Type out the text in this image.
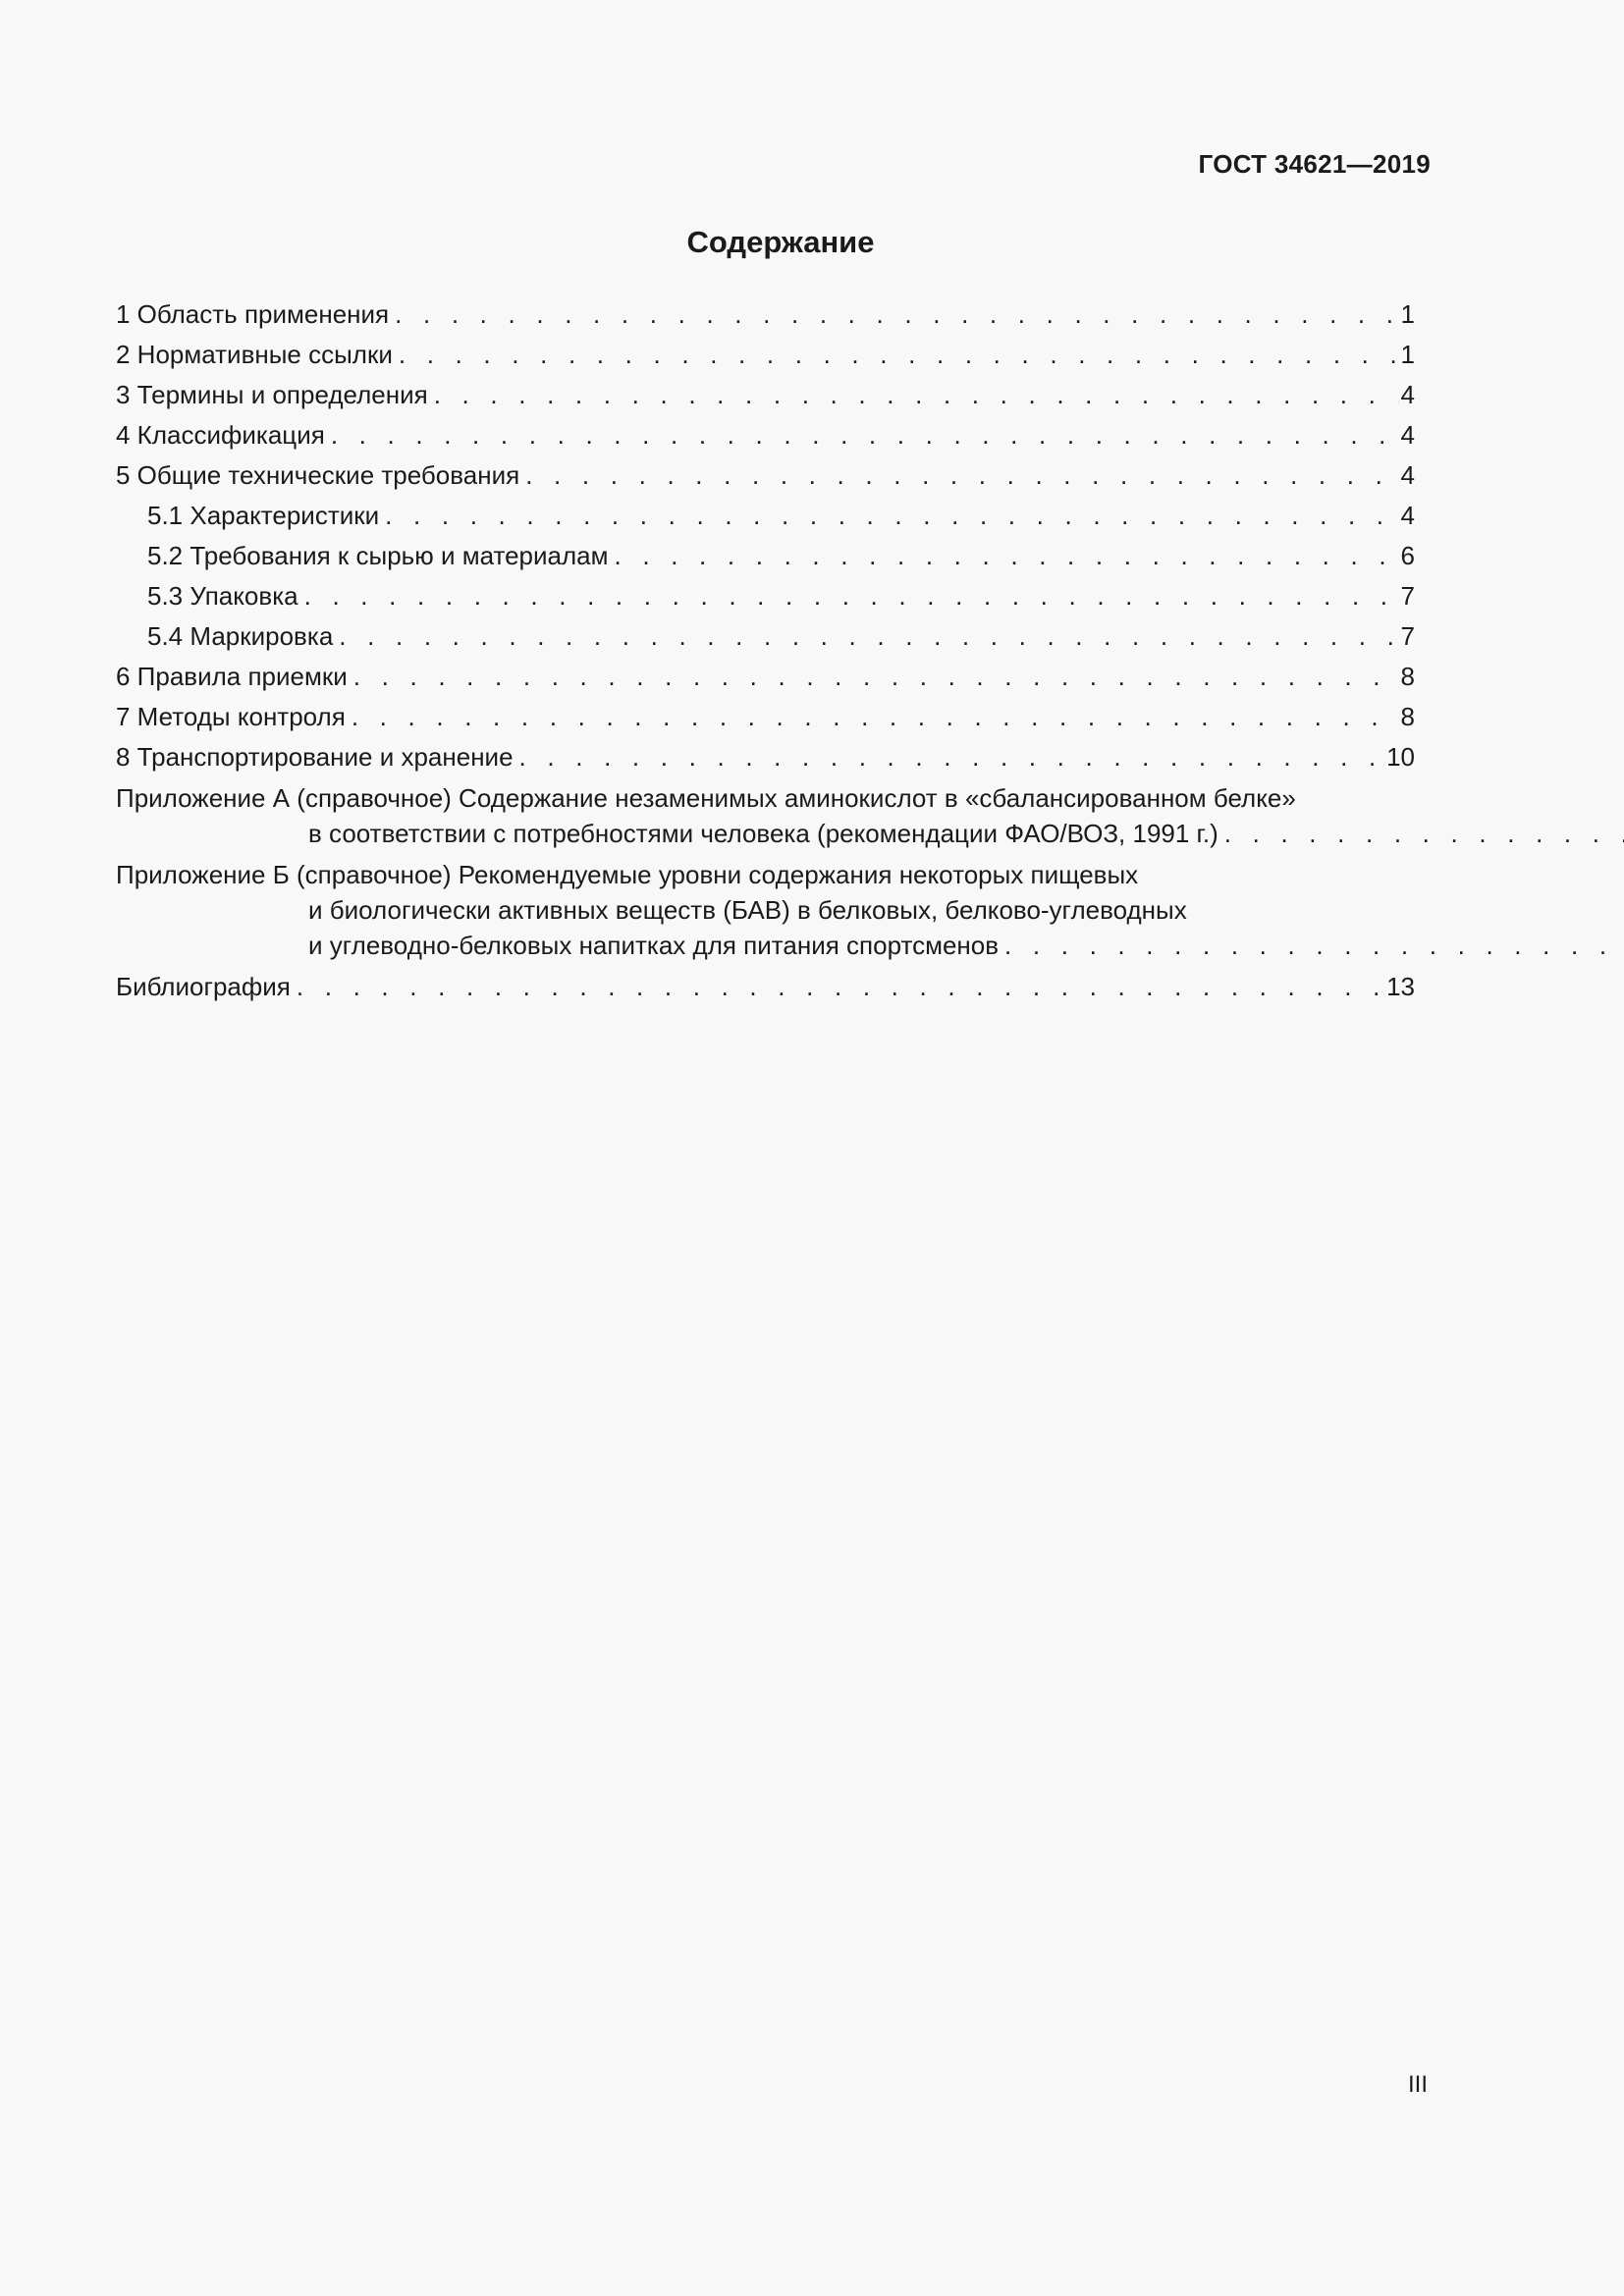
ГОСТ 34621—2019
Содержание
1 Область применения . . .	1
2 Нормативные ссылки . . .	1
3 Термины и определения . . .	4
4 Классификация . . .	4
5 Общие технические требования . . .	4
5.1 Характеристики . . .	4
5.2 Требования к сырью и материалам . . .	6
5.3 Упаковка . . .	7
5.4 Маркировка . . .	7
6 Правила приемки . . .	8
7 Методы контроля . . .	8
8 Транспортирование и хранение . . .	10
Приложение А (справочное) Содержание незаменимых аминокислот в «сбалансированном белке»
в соответствии с потребностями человека (рекомендации ФАО/ВОЗ, 1991 г.)
. . .
Приложение Б (справочное) Рекомендуемые уровни содержания некоторых пищевых
и биологически активных веществ (БАВ) в белковых, белково-углеводных
и углеводно-белковых напитках для питания спортсменов
. . .
Библиография . . .	13
III
